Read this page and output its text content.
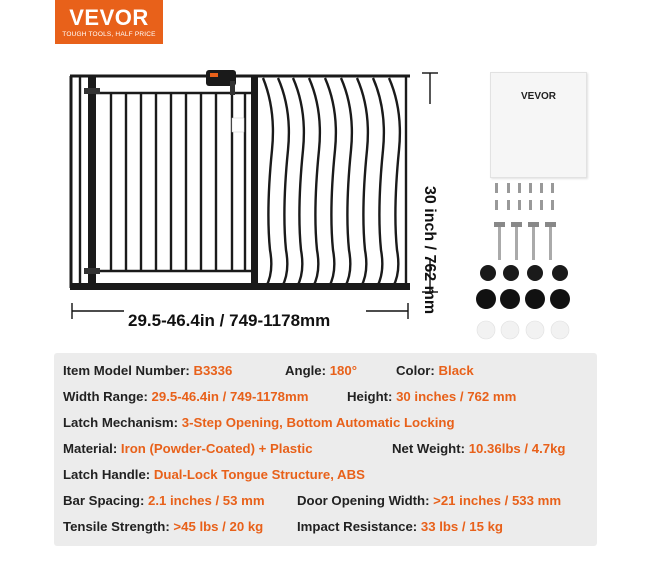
VEVOR
TOUGH TOOLS, HALF PRICE
29.5-46.4in / 749-1178mm
30 inch / 762 mm
VEVOR
Item Model Number: B3336	Angle: 180°	Color: Black
Width Range: 29.5-46.4in / 749-1178mm	Height: 30 inches / 762 mm
Latch Mechanism: 3-Step Opening, Bottom Automatic Locking
Material: Iron (Powder-Coated) + Plastic	Net Weight: 10.36lbs / 4.7kg
Latch Handle: Dual-Lock Tongue Structure, ABS
Bar Spacing: 2.1 inches / 53 mm Door Opening Width: >21 inches / 533 mm
Tensile Strength: >45 lbs / 20 kg	Impact Resistance: 33 lbs / 15 kg
